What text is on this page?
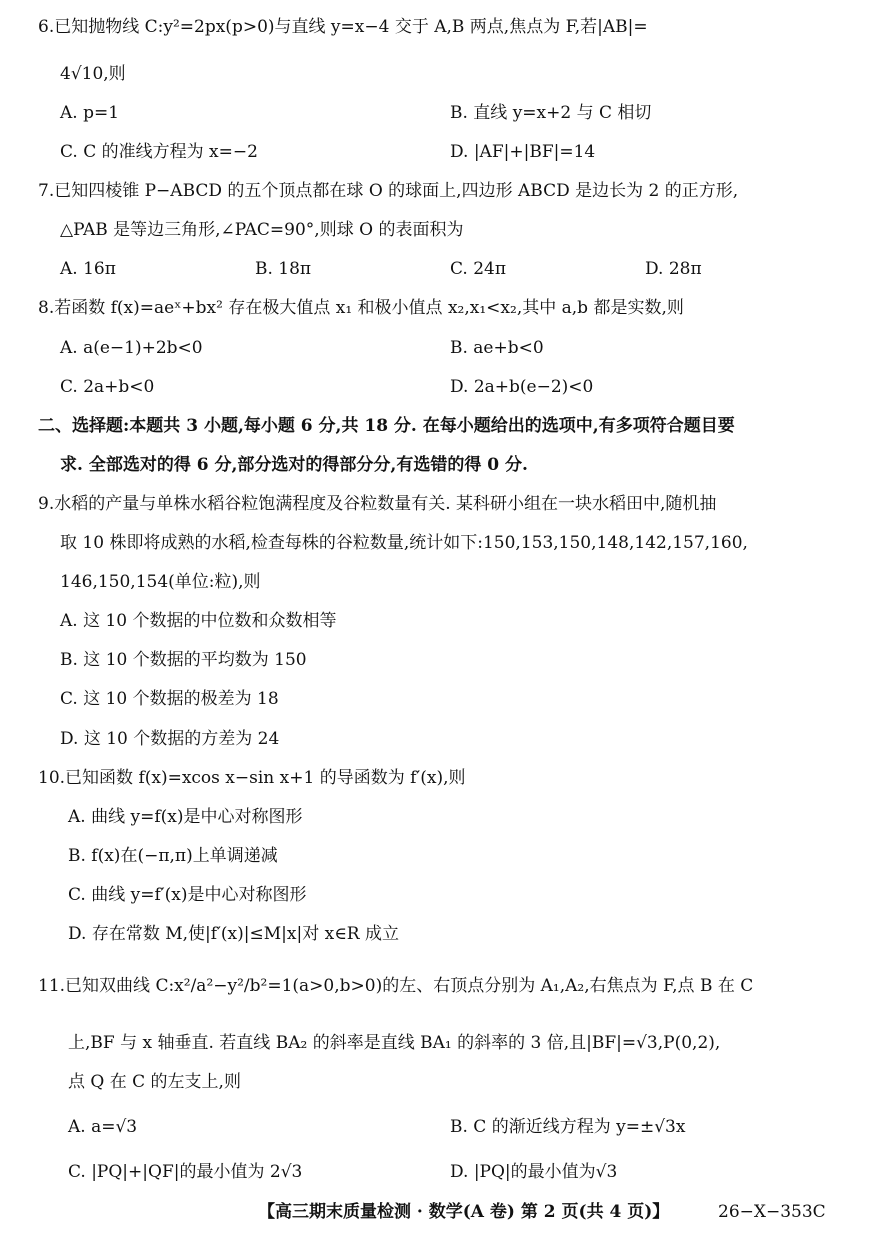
6.已知抛物线 C:y²=2px(p>0)与直线 y=x−4 交于 A,B 两点,焦点为 F,若|AB|=
4√10,则
A. p=1	B. 直线 y=x+2 与 C 相切
C. C 的准线方程为 x=−2	D. |AF|+|BF|=14
7.已知四棱锥 P−ABCD 的五个顶点都在球 O 的球面上,四边形 ABCD 是边长为 2 的正方形,
△PAB 是等边三角形,∠PAC=90°,则球 O 的表面积为
A. 16π	B. 18π	C. 24π	D. 28π
8.若函数 f(x)=aeˣ+bx² 存在极大值点 x₁ 和极小值点 x₂,x₁<x₂,其中 a,b 都是实数,则
A. a(e−1)+2b<0	B. ae+b<0
C. 2a+b<0	D. 2a+b(e−2)<0
二、选择题:本题共 3 小题,每小题 6 分,共 18 分. 在每小题给出的选项中,有多项符合题目要
求. 全部选对的得 6 分,部分选对的得部分分,有选错的得 0 分.
9.水稻的产量与单株水稻谷粒饱满程度及谷粒数量有关. 某科研小组在一块水稻田中,随机抽
取 10 株即将成熟的水稻,检查每株的谷粒数量,统计如下:150,153,150,148,142,157,160,
146,150,154(单位:粒),则
A. 这 10 个数据的中位数和众数相等
B. 这 10 个数据的平均数为 150
C. 这 10 个数据的极差为 18
D. 这 10 个数据的方差为 24
10.已知函数 f(x)=xcos x−sin x+1 的导函数为 f′(x),则
A. 曲线 y=f(x)是中心对称图形
B. f(x)在(−π,π)上单调递减
C. 曲线 y=f′(x)是中心对称图形
D. 存在常数 M,使|f′(x)|≤M|x|对 x∈R 成立
11.已知双曲线 C:x²/a²−y²/b²=1(a>0,b>0)的左、右顶点分别为 A₁,A₂,右焦点为 F,点 B 在 C
上,BF 与 x 轴垂直. 若直线 BA₂ 的斜率是直线 BA₁ 的斜率的 3 倍,且|BF|=√3,P(0,2),
点 Q 在 C 的左支上,则
A. a=√3	B. C 的渐近线方程为 y=±√3x
C. |PQ|+|QF|的最小值为 2√3	D. |PQ|的最小值为√3
【高三期末质量检测 · 数学(A 卷) 第 2 页(共 4 页)】	26−X−353C
